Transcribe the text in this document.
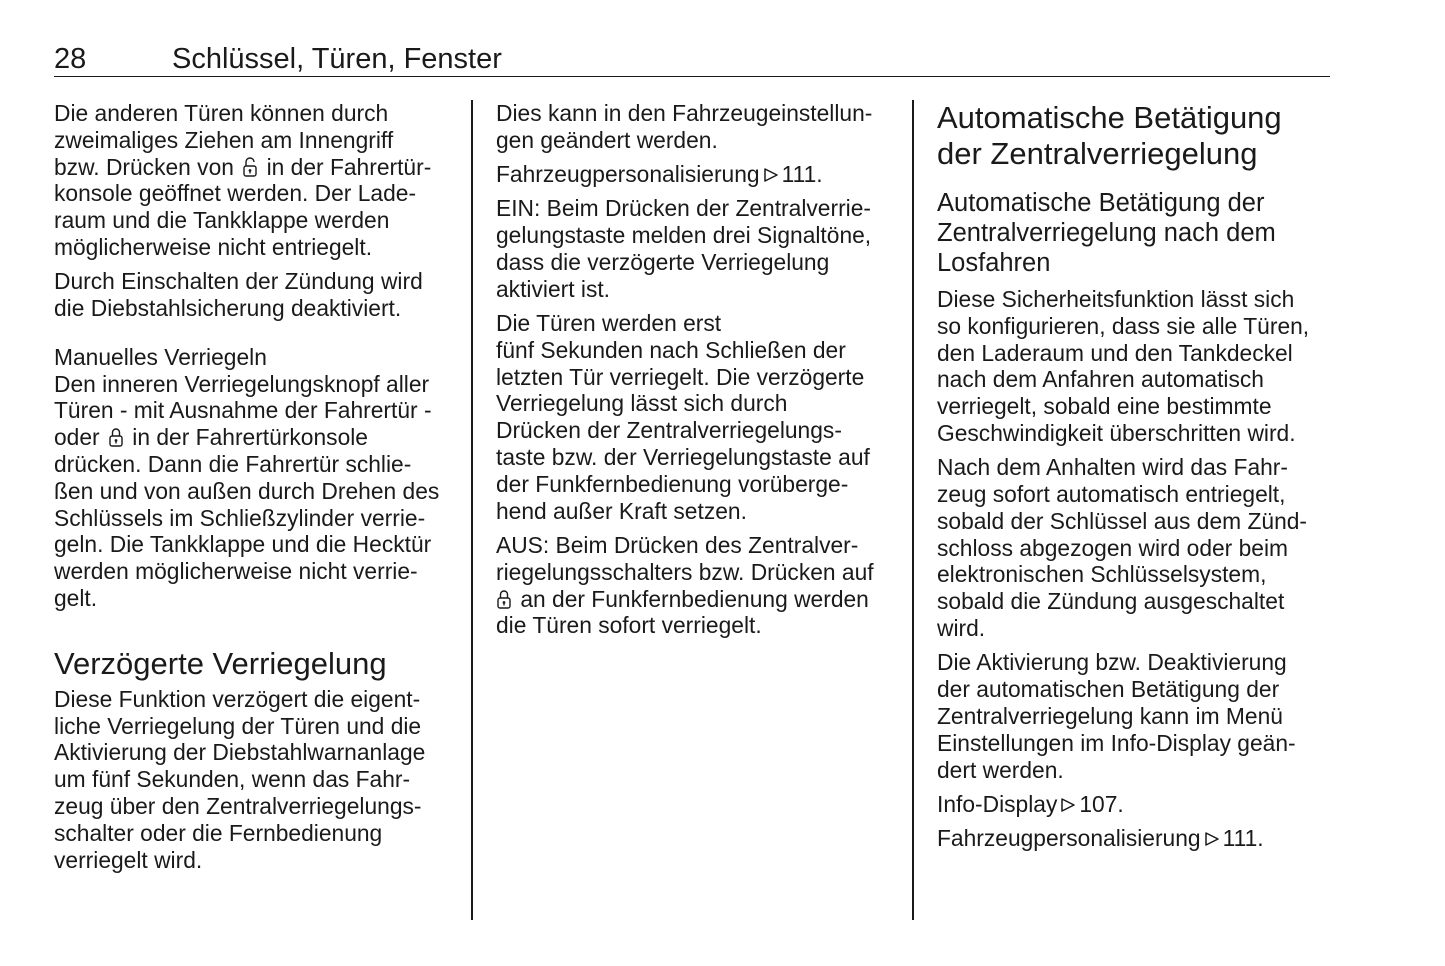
28	Schlüssel, Türen, Fenster

Die anderen Türen können durch
zweimaliges Ziehen am Innengriff
bzw. Drücken von  in der Fahrertür-
konsole geöffnet werden. Der Lade-
raum und die Tankklappe werden
möglicherweise nicht entriegelt.

Durch Einschalten der Zündung wird
die Diebstahlsicherung deaktiviert.

Manuelles Verriegeln

Den inneren Verriegelungsknopf aller
Türen - mit Ausnahme der Fahrertür -
oder  in der Fahrertürkonsole
drücken. Dann die Fahrertür schlie-
ßen und von außen durch Drehen des
Schlüssels im Schließzylinder verrie-
geln. Die Tankklappe und die Hecktür
werden möglicherweise nicht verrie-
gelt.

Verzögerte Verriegelung

Diese Funktion verzögert die eigent-
liche Verriegelung der Türen und die
Aktivierung der Diebstahlwarnanlage
um fünf Sekunden, wenn das Fahr-
zeug über den Zentralverriegelungs-
schalter oder die Fernbedienung
verriegelt wird.

Dies kann in den Fahrzeugeinstellun-
gen geändert werden.

Fahrzeugpersonalisierung 111.

EIN: Beim Drücken der Zentralverrie-
gelungstaste melden drei Signaltöne,
dass die verzögerte Verriegelung
aktiviert ist.

Die Türen werden erst
fünf Sekunden nach Schließen der
letzten Tür verriegelt. Die verzögerte
Verriegelung lässt sich durch
Drücken der Zentralverriegelungs-
taste bzw. der Verriegelungstaste auf
der Funkfernbedienung vorüberge-
hend außer Kraft setzen.

AUS: Beim Drücken des Zentralver-
riegelungsschalters bzw. Drücken auf
an der Funkfernbedienung werden
die Türen sofort verriegelt.

Automatische Betätigung
der Zentralverriegelung
Automatische Betätigung der
Zentralverriegelung nach dem
Losfahren

Diese Sicherheitsfunktion lässt sich
so konfigurieren, dass sie alle Türen,
den Laderaum und den Tankdeckel
nach dem Anfahren automatisch
verriegelt, sobald eine bestimmte
Geschwindigkeit überschritten wird.

Nach dem Anhalten wird das Fahr-
zeug sofort automatisch entriegelt,
sobald der Schlüssel aus dem Zünd-
schloss abgezogen wird oder beim
elektronischen Schlüsselsystem,
sobald die Zündung ausgeschaltet
wird.

Die Aktivierung bzw. Deaktivierung
der automatischen Betätigung der
Zentralverriegelung kann im Menü
Einstellungen im Info-Display geän-
dert werden.

Info-Display 107.

Fahrzeugpersonalisierung 111.
